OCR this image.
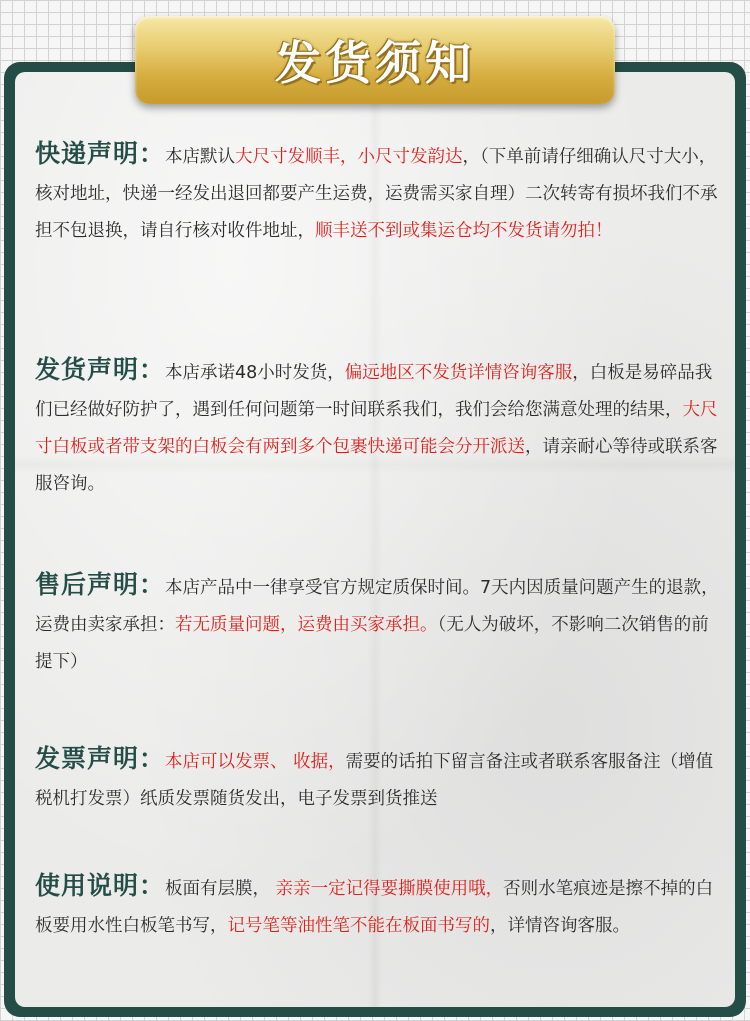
发货须知
快递声明：本店默认大尺寸发顺丰，小尺寸发韵达，（下单前请仔细确认尺寸大小，核对地址，快递一经发出退回都要产生运费，运费需买家自理）二次转寄有损坏我们不承担不包退换，请自行核对收件地址，顺丰送不到或集运仓均不发货请勿拍！
发货声明：本店承诺48小时发货，偏远地区不发货详情咨询客服，白板是易碎品我们已经做好防护了，遇到任何问题第一时间联系我们，我们会给您满意处理的结果，大尺寸白板或者带支架的白板会有两到多个包裹快递可能会分开派送，请亲耐心等待或联系客服咨询。
售后声明：本店产品中一律享受官方规定质保时间。7天内因质量问题产生的退款，运费由卖家承担：若无质量问题，运费由买家承担。（无人为破坏，不影响二次销售的前提下）
发票声明：本店可以发票、 收据，需要的话拍下留言备注或者联系客服备注（增值税机打发票）纸质发票随货发出，电子发票到货推送
使用说明：板面有层膜， 亲亲一定记得要撕膜使用哦，否则水笔痕迹是擦不掉的白板要用水性白板笔书写，记号笔等油性笔不能在板面书写的，详情咨询客服。
